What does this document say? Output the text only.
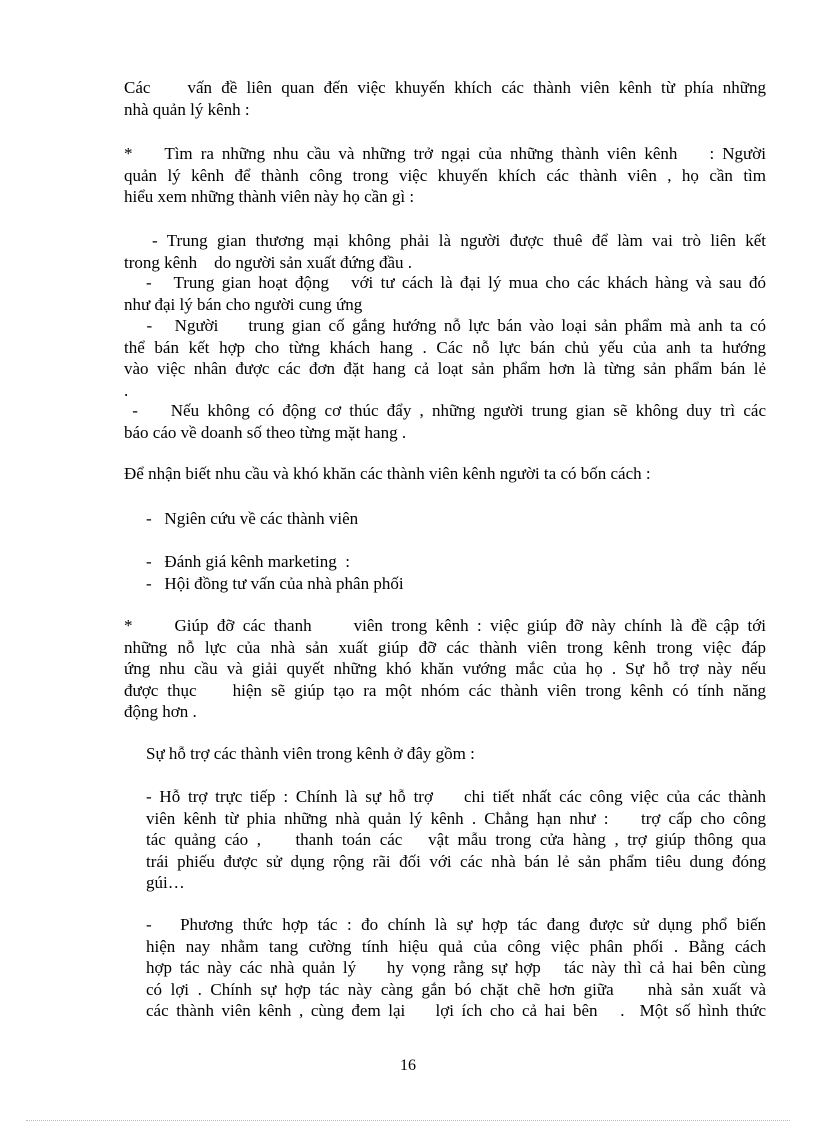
Các    vấn đề liên quan đến việc khuyến khích các thành viên kênh từ phía những
nhà quản lý kênh :
*    Tìm ra những nhu cầu và những trở ngại của những thành viên kênh    : Người
quản lý kênh để thành công trong việc khuyến khích các thành viên , họ cần tìm
hiểu xem những thành viên này họ cần gì :
- Trung gian thương mại không phải là người được thuê để làm vai trò liên kết
trong kênh    do người sản xuất đứng đầu .
-   Trung gian hoạt động   với tư cách là đại lý mua cho các khách hàng và sau đó
như đại lý bán cho người cung ứng
-   Người    trung gian cố gắng hướng nỗ lực bán vào loại sản phẩm mà anh ta có
thể bán kết hợp cho từng khách hang . Các nỗ lực bán chủ yếu của anh ta hướng
vào việc nhân được các đơn đặt hang cả loạt sản phẩm hơn là từng sản phẩm bán lẻ
.
-    Nếu không có động cơ thúc đẩy , những người trung gian sẽ không duy trì các
báo cáo về doanh số theo từng mặt hang .
Để nhận biết nhu cầu và khó khăn các thành viên kênh người ta có bốn cách :
-   Ngiên cứu về các thành viên
-   Đánh giá kênh marketing  :
-   Hội đồng tư vấn của nhà phân phối
*     Giúp đỡ các thanh     viên trong kênh : việc giúp đỡ này chính là đề cập tới
những nỗ lực của nhà sản xuất giúp đỡ các thành viên trong kênh trong việc đáp
ứng nhu cầu và giải quyết những khó khăn vướng mắc của họ . Sự hỗ trợ này nếu
được thục    hiện sẽ giúp tạo ra một nhóm các thành viên trong kênh có tính năng
động hơn .
Sự hỗ trợ các thành viên trong kênh ở đây gồm :
- Hỗ trợ trực tiếp : Chính là sự hỗ trợ    chi tiết nhất các công việc của các thành
viên kênh từ phia những nhà quản lý kênh . Chẳng hạn như :    trợ cấp cho công
tác quảng cáo ,    thanh toán các   vật mẫu trong cửa hàng , trợ giúp thông qua
trái phiếu được sử dụng rộng rãi đối với các nhà bán lẻ sản phẩm tiêu dung đóng
gúi…
-   Phương thức hợp tác : đo chính là sự hợp tác đang được sử dụng phổ biến
hiện nay nhằm tang cường tính hiệu quả của công việc phân phối . Bằng cách
hợp tác này các nhà quản lý    hy vọng rằng sự hợp   tác này thì cả hai bên cùng
có lợi . Chính sự hợp tác này càng gắn bó chặt chẽ hơn giữa    nhà sản xuất và
các thành viên kênh , cùng đem lại    lợi ích cho cả hai bên   .  Một số hình thức
16
